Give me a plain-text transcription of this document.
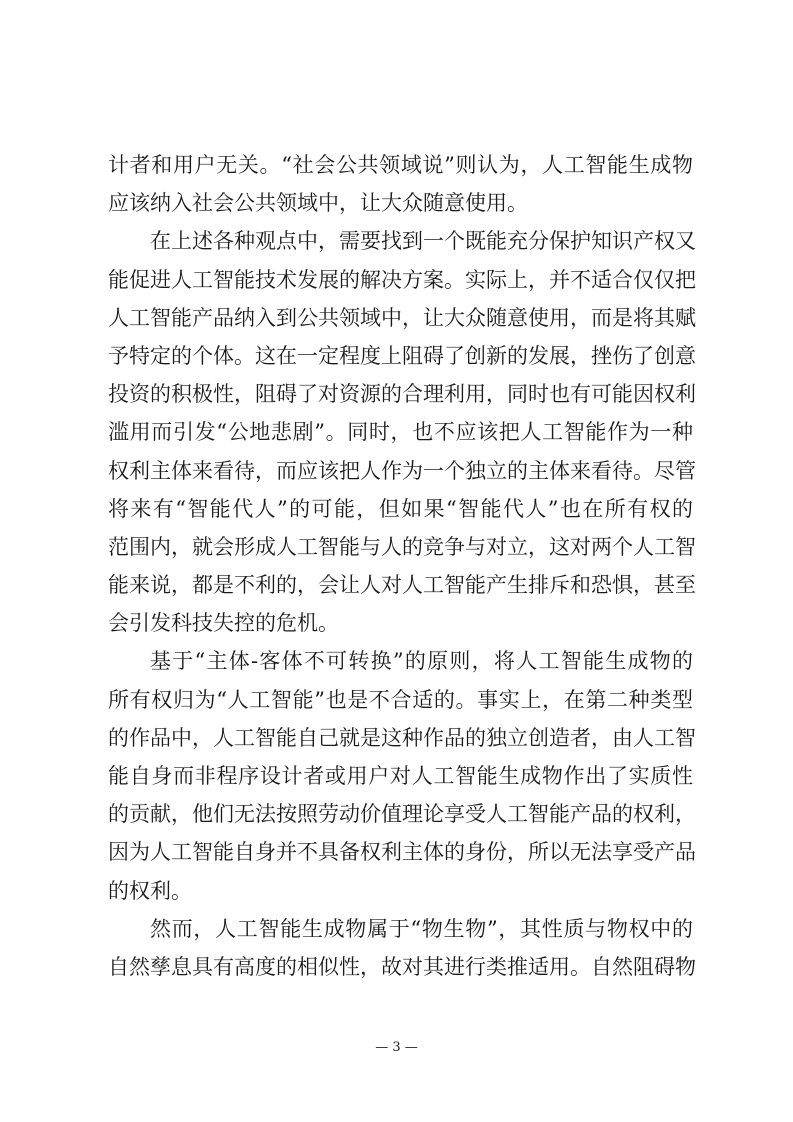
计者和用户无关。“社会公共领域说”则认为，人工智能生成物
应该纳入社会公共领域中，让大众随意使用。
在上述各种观点中，需要找到一个既能充分保护知识产权又
能促进人工智能技术发展的解决方案。实际上，并不适合仅仅把
人工智能产品纳入到公共领域中，让大众随意使用，而是将其赋
予特定的个体。这在一定程度上阻碍了创新的发展，挫伤了创意
投资的积极性，阻碍了对资源的合理利用，同时也有可能因权利
滥用而引发“公地悲剧”。同时，也不应该把人工智能作为一种
权利主体来看待，而应该把人作为一个独立的主体来看待。尽管
将来有“智能代人”的可能，但如果“智能代人”也在所有权的
范围内，就会形成人工智能与人的竞争与对立，这对两个人工智
能来说，都是不利的，会让人对人工智能产生排斥和恐惧，甚至
会引发科技失控的危机。
基于“主体-客体不可转换”的原则，将人工智能生成物的
所有权归为“人工智能”也是不合适的。事实上，在第二种类型
的作品中，人工智能自己就是这种作品的独立创造者，由人工智
能自身而非程序设计者或用户对人工智能生成物作出了实质性
的贡献，他们无法按照劳动价值理论享受人工智能产品的权利，
因为人工智能自身并不具备权利主体的身份，所以无法享受产品
的权利。
然而，人工智能生成物属于“物生物”，其性质与物权中的
自然孳息具有高度的相似性，故对其进行类推适用。自然阻碍物
— 3 —
